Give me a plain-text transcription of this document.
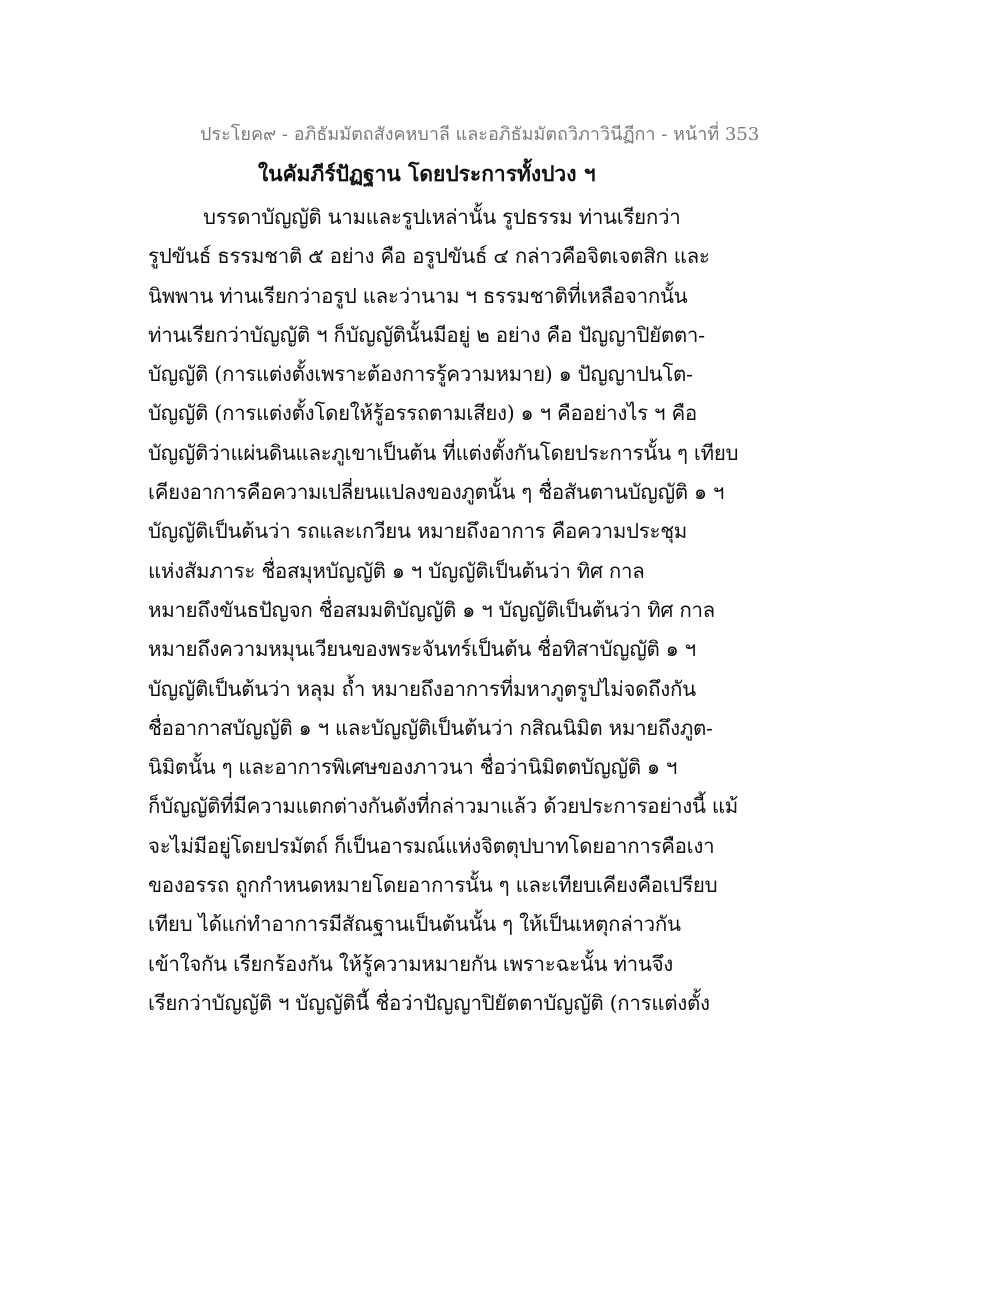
ประโยค๙ - อภิธัมมัตถสังคหบาลี และอภิธัมมัตถวิภาวินีฏีกา - หน้าที่ 353
ในคัมภีร์ปัฏฐาน โดยประการทั้งปวง ฯ
บรรดาบัญญัติ นามและรูปเหล่านั้น รูปธรรม ท่านเรียกว่า
รูปขันธ์ ธรรมชาติ ๕ อย่าง คือ อรูปขันธ์ ๔ กล่าวคือจิตเจตสิก และ
นิพพาน ท่านเรียกว่าอรูป และว่านาม ฯ ธรรมชาติที่เหลือจากนั้น
ท่านเรียกว่าบัญญัติ ฯ ก็บัญญัตินั้นมีอยู่ ๒ อย่าง คือ ปัญญาปิยัตตา-
บัญญัติ (การแต่งตั้งเพราะต้องการรู้ความหมาย) ๑ ปัญญาปนโต-
บัญญัติ (การแต่งตั้งโดยให้รู้อรรถตามเสียง) ๑ ฯ คืออย่างไร ฯ คือ
บัญญัติว่าแผ่นดินและภูเขาเป็นต้น ที่แต่งตั้งกันโดยประการนั้น ๆ เทียบ
เคียงอาการคือความเปลี่ยนแปลงของภูตนั้น ๆ ชื่อสันตานบัญญัติ ๑ ฯ
บัญญัติเป็นต้นว่า รถและเกวียน หมายถึงอาการ คือความประชุม
แห่งสัมภาระ ชื่อสมุหบัญญัติ ๑ ฯ บัญญัติเป็นต้นว่า ทิศ กาล
หมายถึงขันธปัญจก ชื่อสมมติบัญญัติ ๑ ฯ บัญญัติเป็นต้นว่า ทิศ กาล
หมายถึงความหมุนเวียนของพระจันทร์เป็นต้น ชื่อทิสาบัญญัติ ๑ ฯ
บัญญัติเป็นต้นว่า หลุม ถ้ำ หมายถึงอาการที่มหาภูตรูปไม่จดถึงกัน
ชื่ออากาสบัญญัติ ๑ ฯ และบัญญัติเป็นต้นว่า กสิณนิมิต หมายถึงภูต-
นิมิตนั้น ๆ และอาการพิเศษของภาวนา ชื่อว่านิมิตตบัญญัติ ๑ ฯ
ก็บัญญัติที่มีความแตกต่างกันดังที่กล่าวมาแล้ว ด้วยประการอย่างนี้ แม้
จะไม่มีอยู่โดยปรมัตถ์ ก็เป็นอารมณ์แห่งจิตตุปบาทโดยอาการคือเงา
ของอรรถ ถูกกำหนดหมายโดยอาการนั้น ๆ และเทียบเคียงคือเปรียบ
เทียบ ได้แก่ทำอาการมีสัณฐานเป็นต้นนั้น ๆ ให้เป็นเหตุกล่าวกัน
เข้าใจกัน เรียกร้องกัน ให้รู้ความหมายกัน เพราะฉะนั้น ท่านจึง
เรียกว่าบัญญัติ ฯ บัญญัตินี้ ชื่อว่าปัญญาปิยัตตาบัญญัติ (การแต่งตั้ง
